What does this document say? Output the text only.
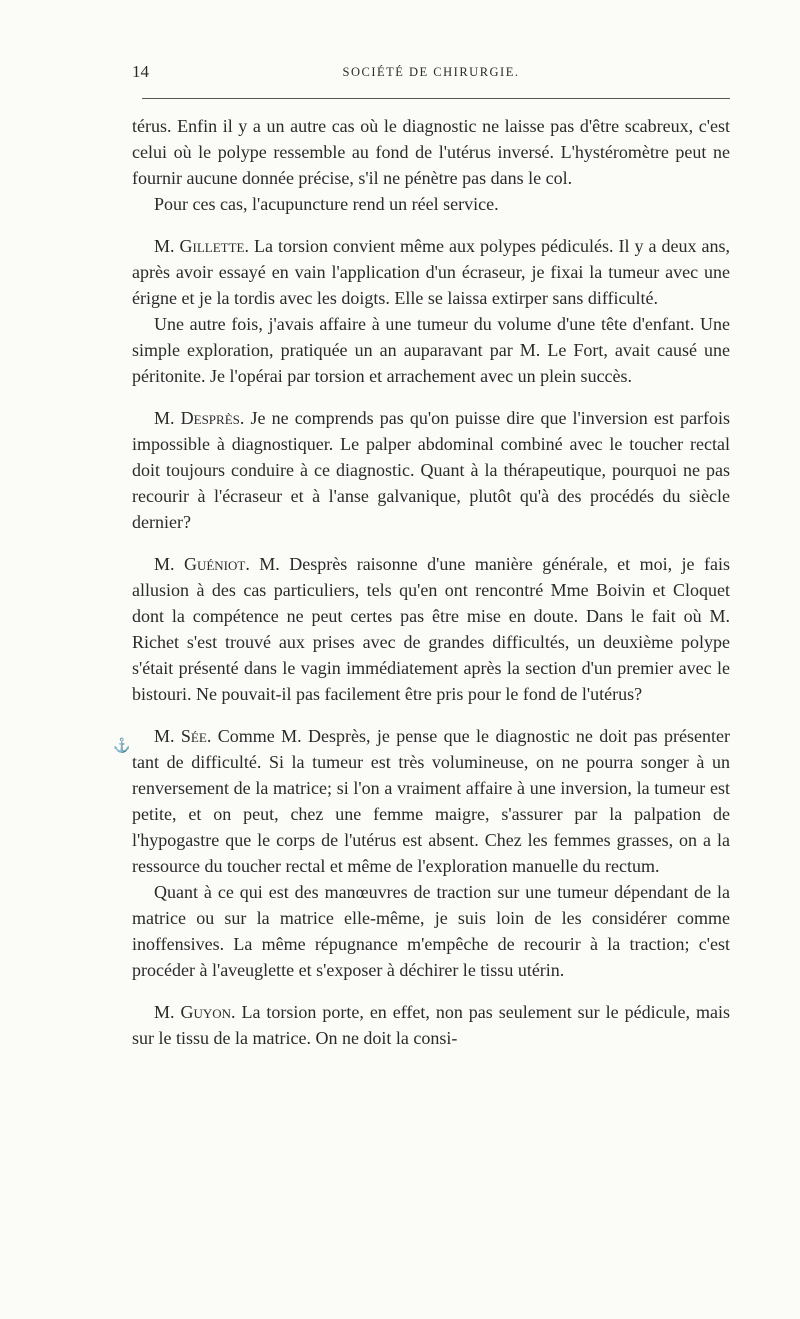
⚓
14	SOCIÉTÉ DE CHIRURGIE.

térus. Enfin il y a un autre cas où le diagnostic ne laisse pas d'être scabreux, c'est celui où le polype ressemble au fond de l'utérus inversé. L'hystéromètre peut ne fournir aucune donnée précise, s'il ne pénètre pas dans le col.

Pour ces cas, l'acupuncture rend un réel service.

M. Gillette. La torsion convient même aux polypes pédiculés. Il y a deux ans, après avoir essayé en vain l'application d'un écraseur, je fixai la tumeur avec une érigne et je la tordis avec les doigts. Elle se laissa extirper sans difficulté.

Une autre fois, j'avais affaire à une tumeur du volume d'une tête d'enfant. Une simple exploration, pratiquée un an auparavant par M. Le Fort, avait causé une péritonite. Je l'opérai par torsion et arrachement avec un plein succès.

M. Desprès. Je ne comprends pas qu'on puisse dire que l'inversion est parfois impossible à diagnostiquer. Le palper abdominal combiné avec le toucher rectal doit toujours conduire à ce diagnostic. Quant à la thérapeutique, pourquoi ne pas recourir à l'écraseur et à l'anse galvanique, plutôt qu'à des procédés du siècle dernier?

M. Guéniot. M. Desprès raisonne d'une manière générale, et moi, je fais allusion à des cas particuliers, tels qu'en ont rencontré Mme Boivin et Cloquet dont la compétence ne peut certes pas être mise en doute. Dans le fait où M. Richet s'est trouvé aux prises avec de grandes difficultés, un deuxième polype s'était présenté dans le vagin immédiatement après la section d'un premier avec le bistouri. Ne pouvait-il pas facilement être pris pour le fond de l'utérus?

M. Sée. Comme M. Desprès, je pense que le diagnostic ne doit pas présenter tant de difficulté. Si la tumeur est très volumineuse, on ne pourra songer à un renversement de la matrice; si l'on a vraiment affaire à une inversion, la tumeur est petite, et on peut, chez une femme maigre, s'assurer par la palpation de l'hypogastre que le corps de l'utérus est absent. Chez les femmes grasses, on a la ressource du toucher rectal et même de l'exploration manuelle du rectum.

Quant à ce qui est des manœuvres de traction sur une tumeur dépendant de la matrice ou sur la matrice elle-même, je suis loin de les considérer comme inoffensives. La même répugnance m'empêche de recourir à la traction; c'est procéder à l'aveuglette et s'exposer à déchirer le tissu utérin.

M. Guyon. La torsion porte, en effet, non pas seulement sur le pédicule, mais sur le tissu de la matrice. On ne doit la consi-
